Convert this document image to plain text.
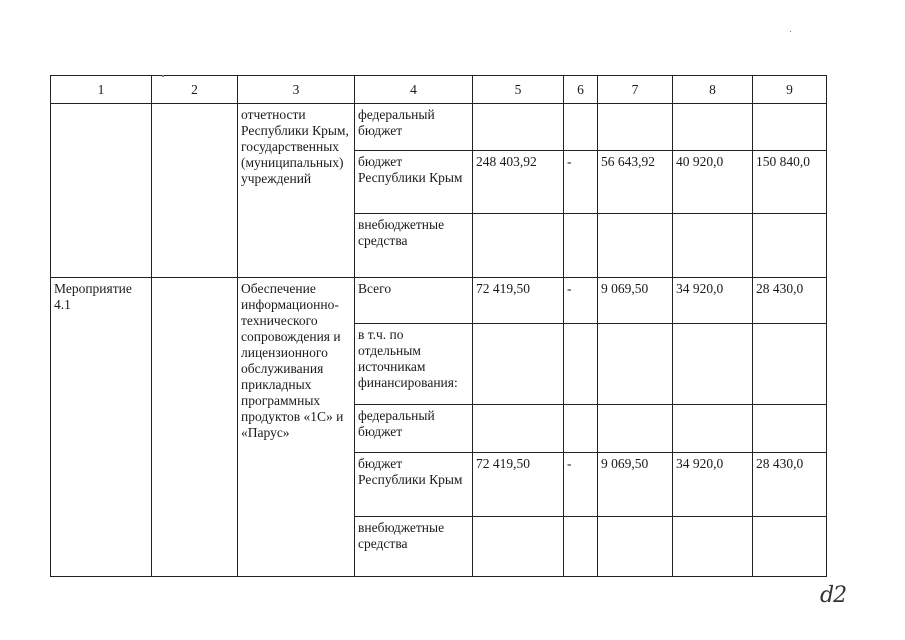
1	2	3	4	5	6	7	8	9
		отчетности Республики Крым, государственных (муниципальных) учреждений	федеральный бюджет					
			бюджет Республики Крым	248 403,92	-	56 643,92	40 920,0	150 840,0
			внебюджетные средства					
Мероприятие 4.1		Обеспечение информационно-технического сопровождения и лицензионного обслуживания прикладных программных продуктов «1С» и «Парус»	Всего	72 419,50	-	9 069,50	34 920,0	28 430,0
			в т.ч. по отдельным источникам финансирования:					
			федеральный бюджет					
			бюджет Республики Крым	72 419,50	-	9 069,50	34 920,0	28 430,0
			внебюджетные средства					
d2
